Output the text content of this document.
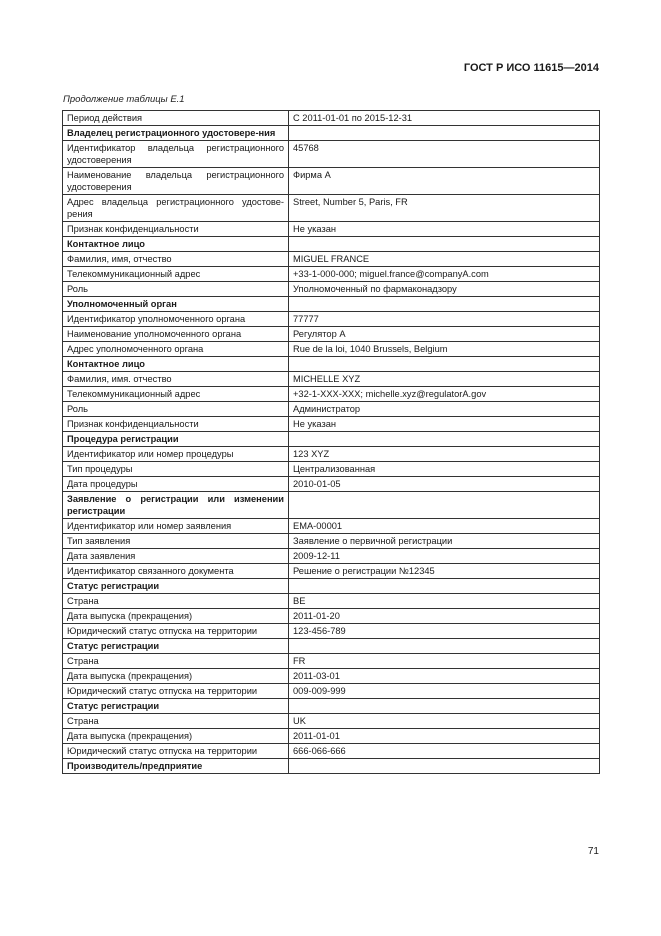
ГОСТ Р ИСО 11615—2014
Продолжение таблицы Е.1
Период действия	С 2011-01-01 по 2015-12-31
Владелец регистрационного удостовере-ния	
Идентификатор владельца регистрационного удостоверения	45768
Наименование владельца регистрационного удостоверения	Фирма А
Адрес владельца регистрационного удостове-рения	Street, Number 5, Paris, FR
Признак конфиденциальности	Не указан
Контактное лицо	
Фамилия, имя, отчество	MIGUEL FRANCE
Телекоммуникационный адрес	+33-1-000-000; miguel.france@companyA.com
Роль	Уполномоченный по фармаконадзору
Уполномоченный орган	
Идентификатор уполномоченного органа	77777
Наименование уполномоченного органа	Регулятор А
Адрес уполномоченного органа	Rue de la loi, 1040 Brussels, Belgium
Контактное лицо	
Фамилия, имя. отчество	MICHELLE XYZ
Телекоммуникационный адрес	+32-1-XXX-XXX; michelle.xyz@regulatorA.gov
Роль	Администратор
Признак конфиденциальности	Не указан
Процедура регистрации	
Идентификатор или номер процедуры	123 XYZ
Тип процедуры	Централизованная
Дата процедуры	2010-01-05
Заявление о регистрации или изменении регистрации	
Идентификатор или номер заявления	EMA-00001
Тип заявления	Заявление о первичной регистрации
Дата заявления	2009-12-11
Идентификатор связанного документа	Решение о регистрации №12345
Статус регистрации	
Страна	BE
Дата выпуска (прекращения)	2011-01-20
Юридический статус отпуска на территории	123-456-789
Статус регистрации	
Страна	FR
Дата выпуска (прекращения)	2011-03-01
Юридический статус отпуска на территории	009-009-999
Статус регистрации	
Страна	UK
Дата выпуска (прекращения)	2011-01-01
Юридический статус отпуска на территории	666-066-666
Производитель/предприятие	
71
